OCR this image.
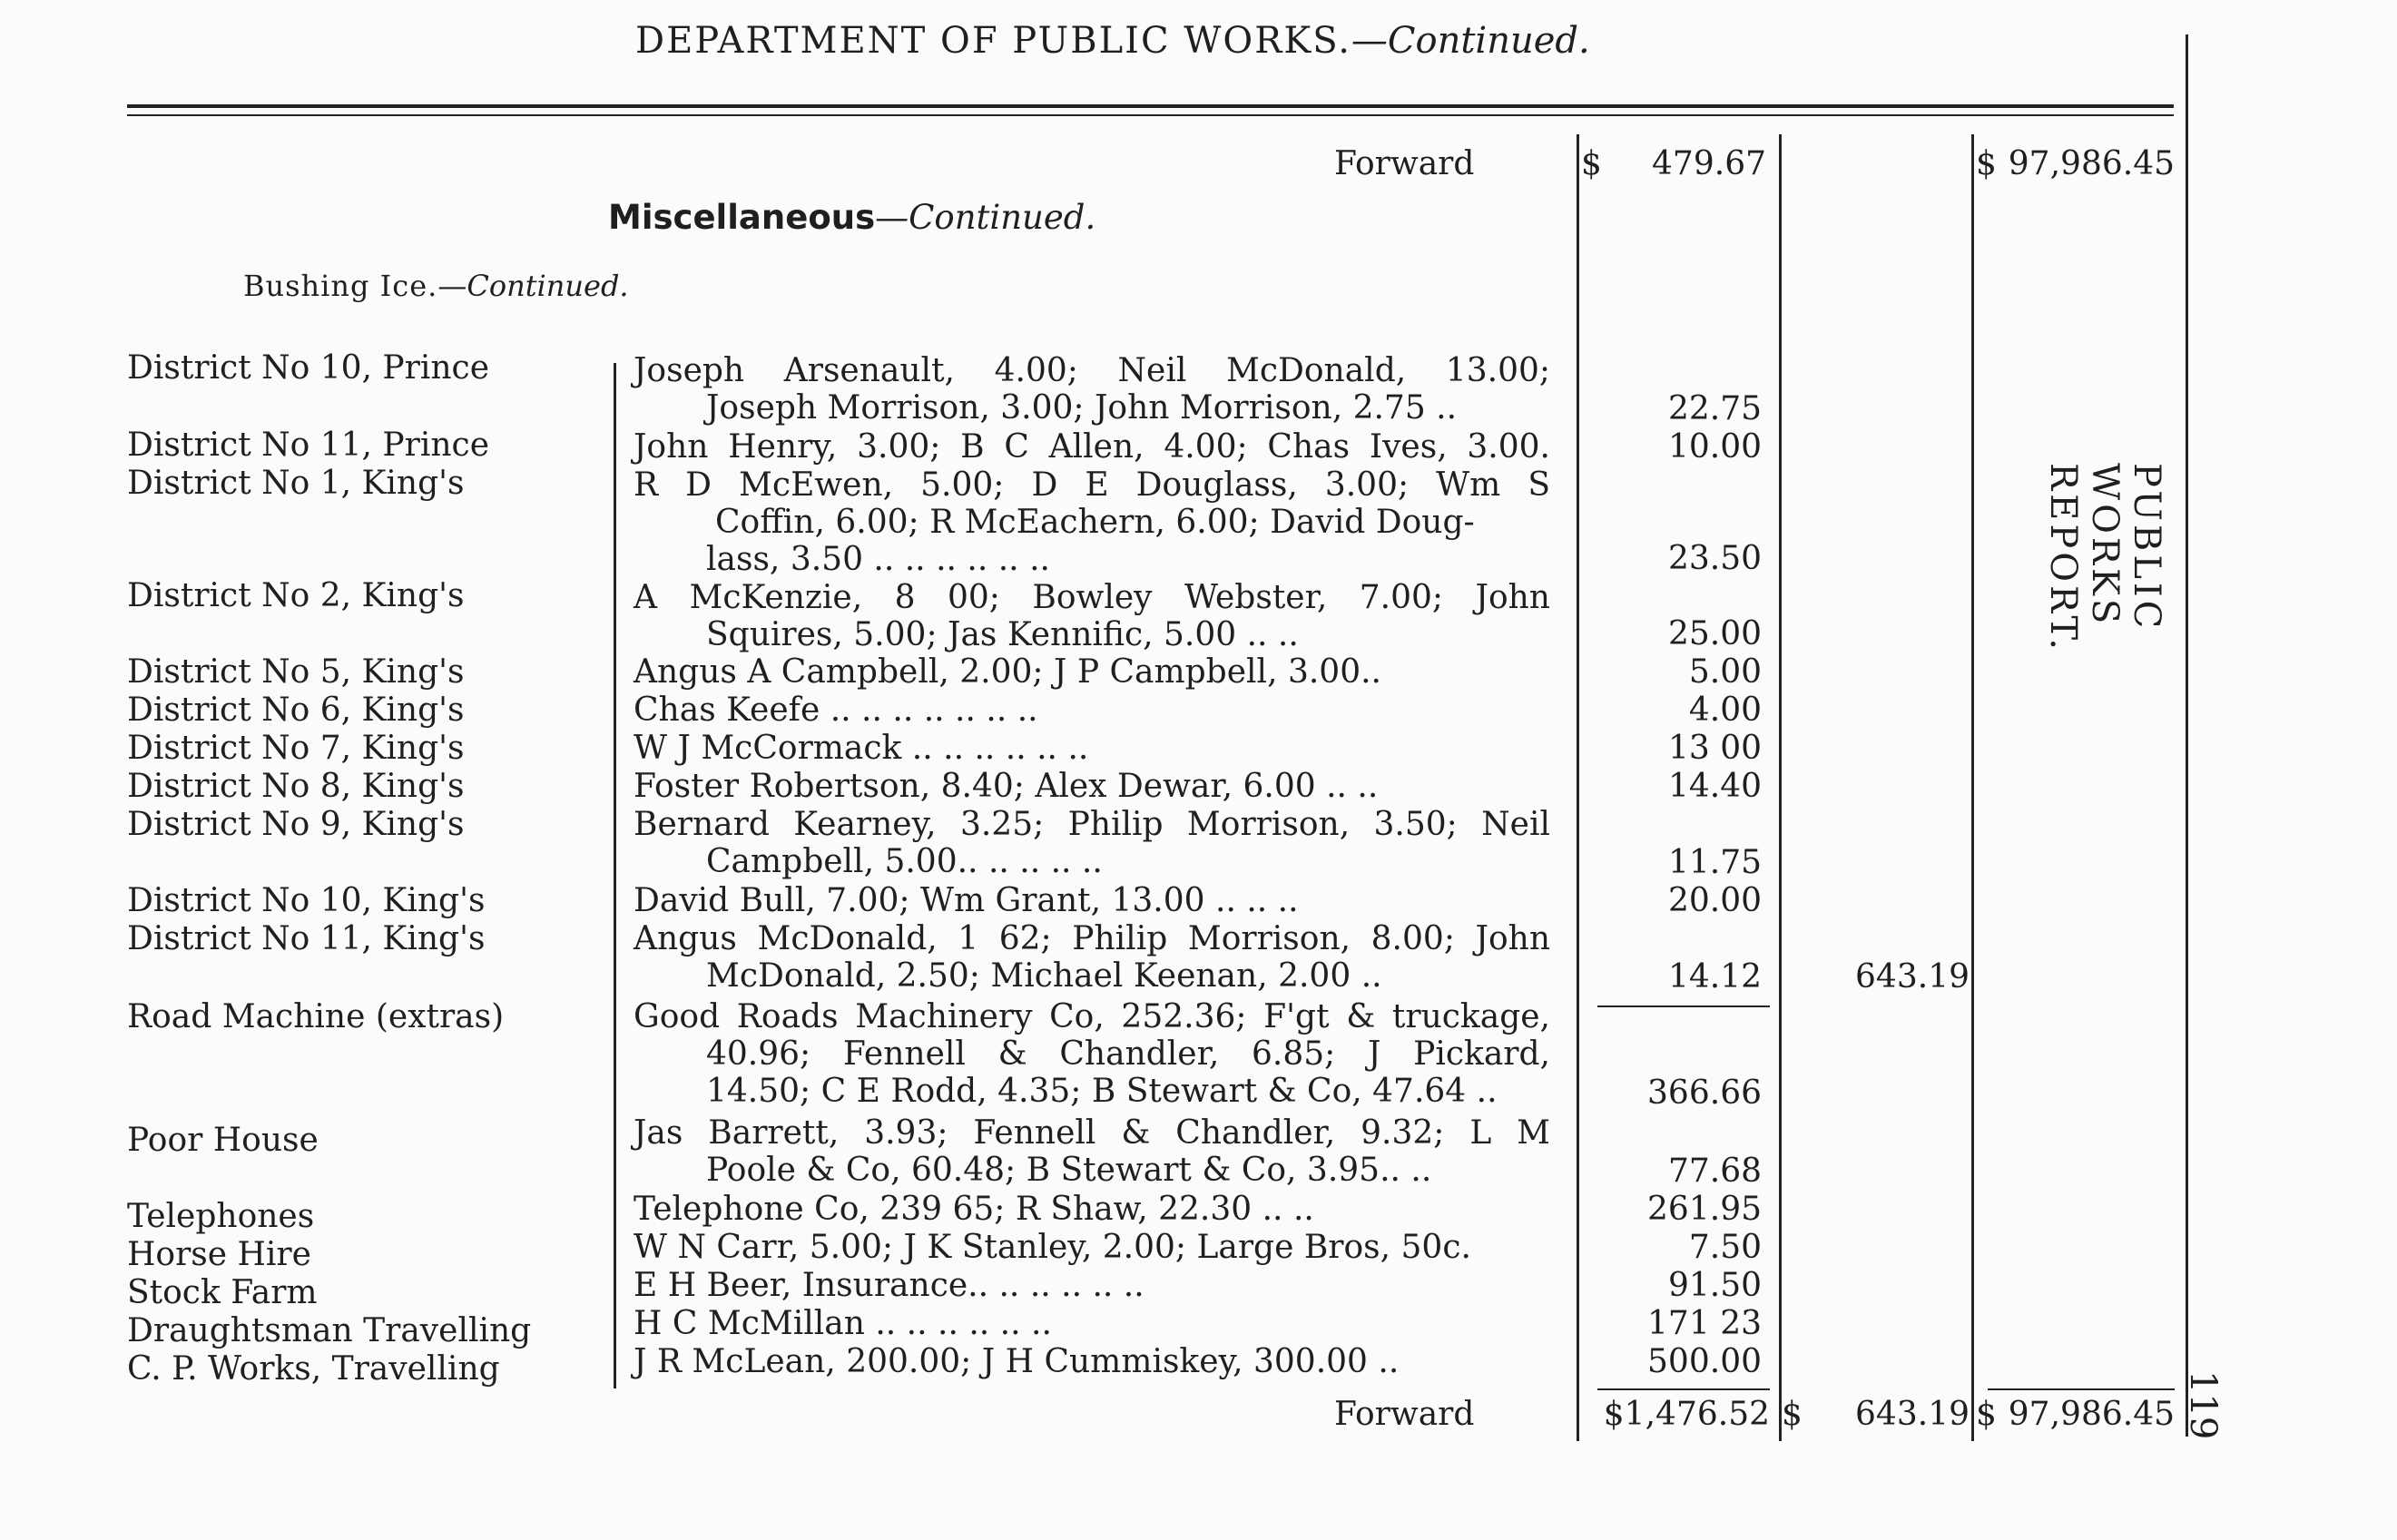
DEPARTMENT OF PUBLIC WORKS.—Continued.
Forward	$	479.67	$ 97,986.45
Miscellaneous—Continued.
Bushing Ice.—Continued.
District No 10, Prince	Joseph Arsenault, 4.00; Neil McDonald, 13.00;
Joseph Morrison, 3.00; John Morrison, 2.75 ..	22.75
District No 11, Prince	John Henry, 3.00; B C Allen, 4.00; Chas Ives, 3.00.	10.00
District No 1, King's	R D McEwen, 5.00; D E Douglass, 3.00; Wm S
Coffin, 6.00; R McEachern, 6.00; David Doug-
lass, 3.50 .. .. .. .. .. ..	23.50
District No 2, King's	A McKenzie, 8 00; Bowley Webster, 7.00; John
Squires, 5.00; Jas Kennific, 5.00 .. ..	25.00
District No 5, King's	Angus A Campbell, 2.00; J P Campbell, 3.00..	5.00
District No 6, King's	Chas Keefe .. .. .. .. .. .. ..	4.00
District No 7, King's	W J McCormack .. .. .. .. .. ..	13 00
District No 8, King's	Foster Robertson, 8.40; Alex Dewar, 6.00 .. ..	14.40
District No 9, King's	Bernard Kearney, 3.25; Philip Morrison, 3.50; Neil
Campbell, 5.00.. .. .. .. ..	11.75
District No 10, King's	David Bull, 7.00; Wm Grant, 13.00 .. .. ..	20.00
District No 11, King's	Angus McDonald, 1 62; Philip Morrison, 8.00; John
McDonald, 2.50; Michael Keenan, 2.00 ..	14.12	643.19
Road Machine (extras)	Good Roads Machinery Co, 252.36; F'gt & truckage,
40.96; Fennell & Chandler, 6.85; J Pickard,
14.50; C E Rodd, 4.35; B Stewart & Co, 47.64 ..	366.66
Poor House	Jas Barrett, 3.93; Fennell & Chandler, 9.32; L M
Poole & Co, 60.48; B Stewart & Co, 3.95.. ..	77.68
Telephones	Telephone Co, 239 65; R Shaw, 22.30 .. ..	261.95
Horse Hire	W N Carr, 5.00; J K Stanley, 2.00; Large Bros, 50c.	7.50
Stock Farm	E H Beer, Insurance.. .. .. .. .. ..	91.50
Draughtsman Travelling	H C McMillan .. .. .. .. .. ..	171 23
C. P. Works, Travelling	J R McLean, 200.00; J H Cummiskey, 300.00 ..	500.00
Forward	$1,476.52 $	643.19 $ 97,986.45
PUBLIC WORKS REPORT.
119
